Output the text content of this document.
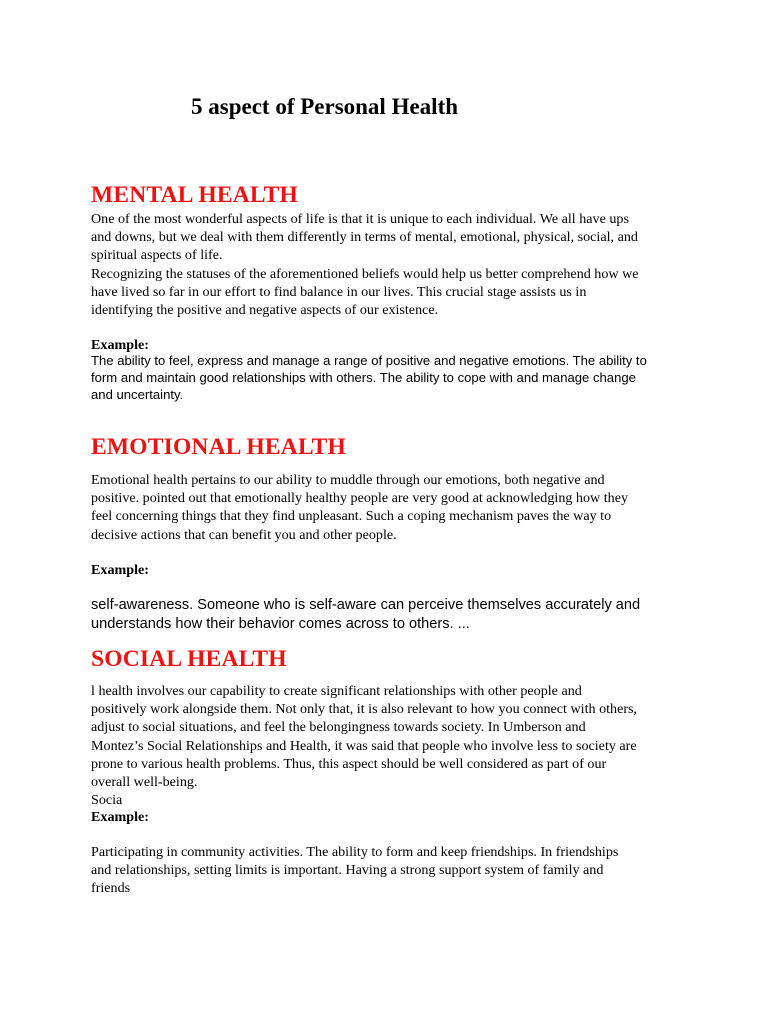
5 aspect of Personal Health
MENTAL HEALTH
One of the most wonderful aspects of life is that it is unique to each individual. We all have ups
and downs, but we deal with them differently in terms of mental, emotional, physical, social, and
spiritual aspects of life.
Recognizing the statuses of the aforementioned beliefs would help us better comprehend how we
have lived so far in our effort to find balance in our lives. This crucial stage assists us in
identifying the positive and negative aspects of our existence.
Example:
The ability to feel, express and manage a range of positive and negative emotions. The ability to
form and maintain good relationships with others. The ability to cope with and manage change
and uncertainty.
EMOTIONAL HEALTH
Emotional health pertains to our ability to muddle through our emotions, both negative and
positive. pointed out that emotionally healthy people are very good at acknowledging how they
feel concerning things that they find unpleasant. Such a coping mechanism paves the way to
decisive actions that can benefit you and other people.
Example:
self-awareness. Someone who is self-aware can perceive themselves accurately and
understands how their behavior comes across to others. ...
SOCIAL HEALTH
l health involves our capability to create significant relationships with other people and
positively work alongside them. Not only that, it is also relevant to how you connect with others,
adjust to social situations, and feel the belongingness towards society. In Umberson and
Montez’s Social Relationships and Health, it was said that people who involve less to society are
prone to various health problems. Thus, this aspect should be well considered as part of our
overall well-being.
Socia
Example:
Participating in community activities. The ability to form and keep friendships. In friendships
and relationships, setting limits is important. Having a strong support system of family and
friends
